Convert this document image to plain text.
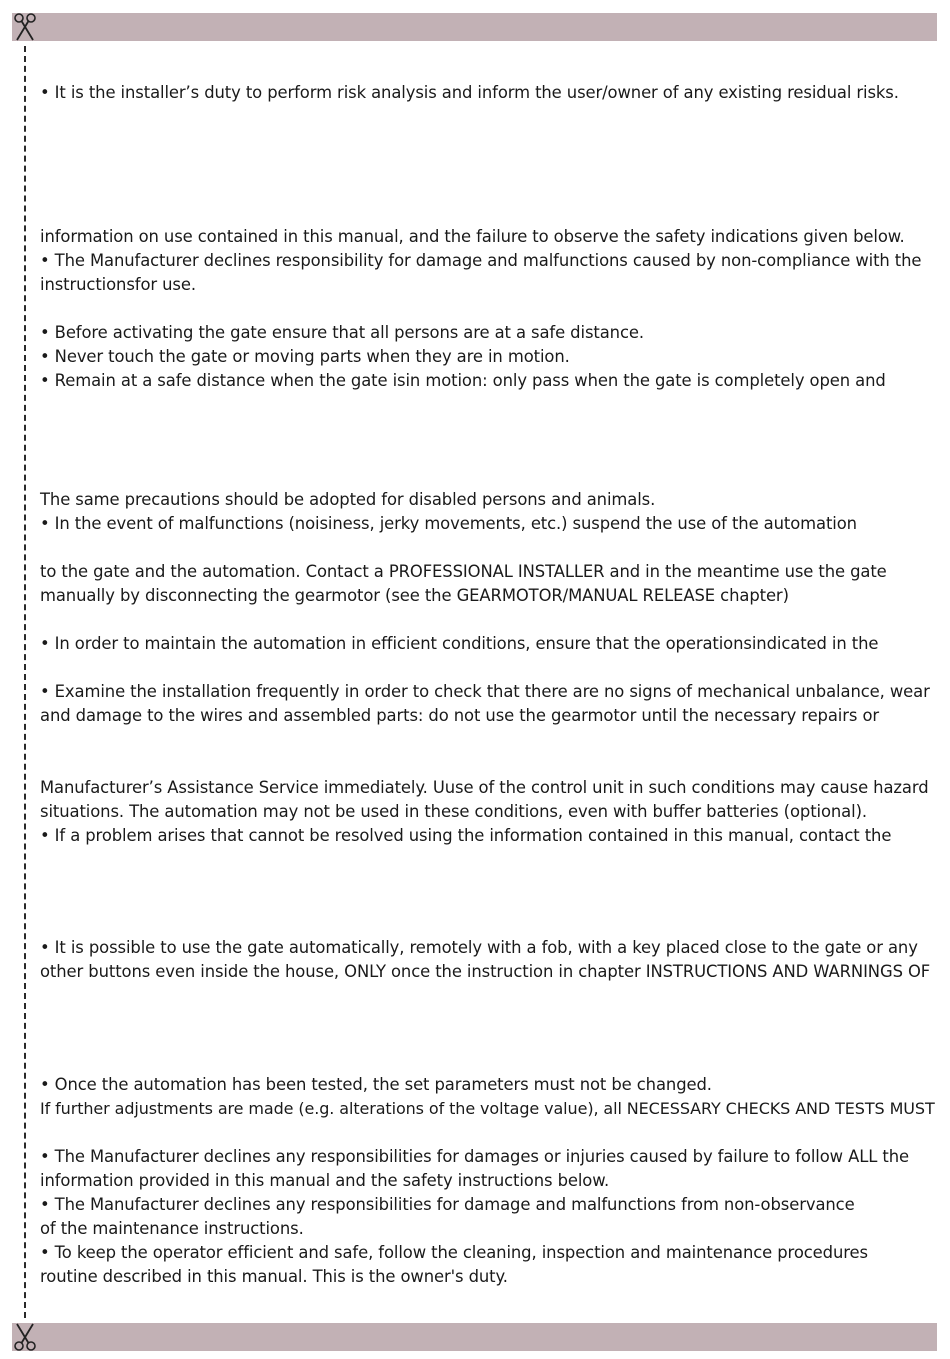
• It is the installer’s duty to perform risk analysis and inform the user/owner of any existing residual risks.

information on use contained in this manual, and the failure to observe the safety indications given below.

• The Manufacturer declines responsibility for damage and malfunctions caused by non-compliance with the

instructionsfor use.

• Before activating the gate ensure that all persons are at a safe distance.

• Never touch the gate or moving parts when they are in motion.

• Remain at a safe distance when the gate isin motion: only pass when the gate is completely open and

The same precautions should be adopted for disabled persons and animals.

• In the event of malfunctions (noisiness, jerky movements, etc.) suspend the use of the automation

to the gate and the automation. Contact a PROFESSIONAL INSTALLER and in the meantime use the gate

manually by disconnecting the gearmotor (see the GEARMOTOR/MANUAL RELEASE chapter)

• In order to maintain the automation in efficient conditions, ensure that the operationsindicated in the

• Examine the installation frequently in order to check that there are no signs of mechanical unbalance, wear

and damage to the wires and assembled parts: do not use the gearmotor until the necessary repairs or

Manufacturer’s Assistance Service immediately. Uuse of the control unit in such conditions may cause hazard

situations. The automation may not be used in these conditions, even with buffer batteries (optional).

• If a problem arises that cannot be resolved using the information contained in this manual, contact the

• It is possible to use the gate automatically, remotely with a fob, with a key placed close to the gate or any

other buttons even inside the house, ONLY once the instruction in chapter INSTRUCTIONS AND WARNINGS OF

• Once the automation has been tested, the set parameters must not be changed.

If further adjustments are made (e.g. alterations of the voltage value), all NECESSARY CHECKS AND TESTS MUST

• The Manufacturer declines any responsibilities for damages or injuries caused by failure to follow ALL the

information provided in this manual and the safety instructions below.

• The Manufacturer declines any responsibilities for damage and malfunctions from non-observance

of the maintenance instructions.

• To keep the operator efficient and safe, follow the cleaning, inspection and maintenance procedures

routine described in this manual. This is the owner's duty.
